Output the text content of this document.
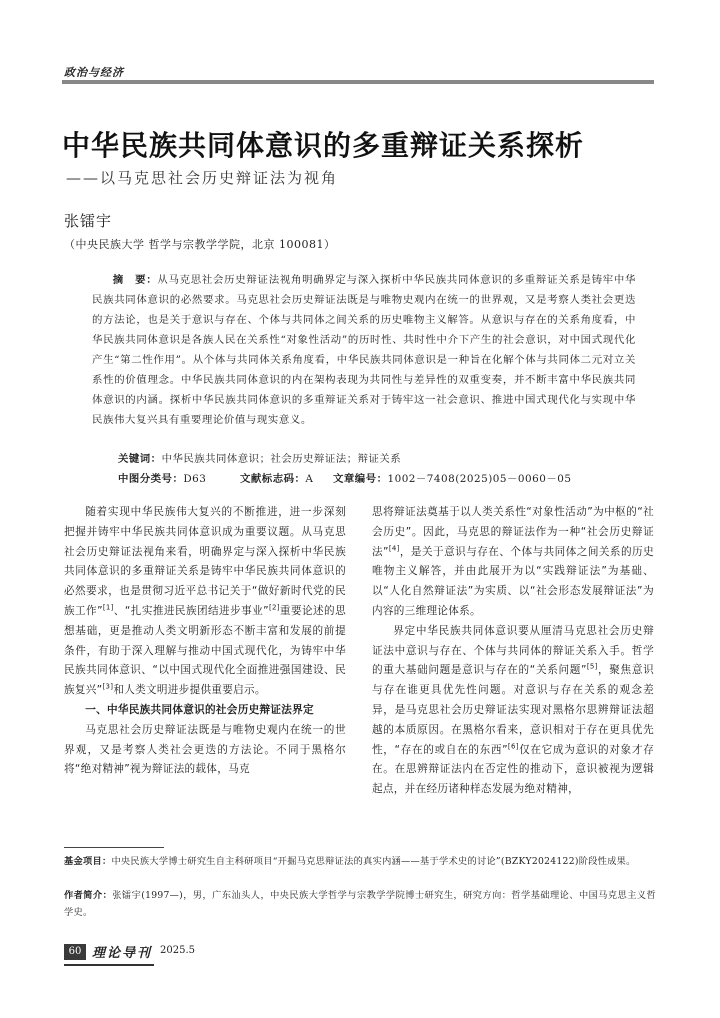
政治与经济
中华民族共同体意识的多重辩证关系探析
——以马克思社会历史辩证法为视角
张镭宇
（中央民族大学 哲学与宗教学学院，北京 100081）
摘　要：从马克思社会历史辩证法视角明确界定与深入探析中华民族共同体意识的多重辩证关系是铸牢中华民族共同体意识的必然要求。马克思社会历史辩证法既是与唯物史观内在统一的世界观，又是考察人类社会更迭的方法论，也是关于意识与存在、个体与共同体之间关系的历史唯物主义解答。从意识与存在的关系角度看，中华民族共同体意识是各族人民在关系性“对象性活动”的历时性、共时性中介下产生的社会意识，对中国式现代化产生“第二性作用”。从个体与共同体关系角度看，中华民族共同体意识是一种旨在化解个体与共同体二元对立关系性的价值理念。中华民族共同体意识的内在架构表现为共同性与差异性的双重变奏，并不断丰富中华民族共同体意识的内涵。探析中华民族共同体意识的多重辩证关系对于铸牢这一社会意识、推进中国式现代化与实现中华民族伟大复兴具有重要理论价值与现实意义。
关键词：中华民族共同体意识；社会历史辩证法；辩证关系
中图分类号：D63	文献标志码：A 文章编号：1002－7408(2025)05－0060－05

随着实现中华民族伟大复兴的不断推进，进一步深刻把握并铸牢中华民族共同体意识成为重要议题。从马克思社会历史辩证法视角来看，明确界定与深入探析中华民族共同体意识的多重辩证关系是铸牢中华民族共同体意识的必然要求，也是贯彻习近平总书记关于“做好新时代党的民族工作”[1]、“扎实推进民族团结进步事业”[2]重要论述的思想基础，更是推动人类文明新形态不断丰富和发展的前提条件，有助于深入理解与推动中国式现代化，为铸牢中华民族共同体意识、“以中国式现代化全面推进强国建设、民族复兴”[3]和人类文明进步提供重要启示。

一、中华民族共同体意识的社会历史辩证法界定

马克思社会历史辩证法既是与唯物史观内在统一的世界观，又是考察人类社会更迭的方法论。不同于黑格尔将“绝对精神”视为辩证法的载体，马克

思将辩证法奠基于以人类关系性“对象性活动”为中枢的“社会历史”。因此，马克思的辩证法作为一种“社会历史辩证法”[4]，是关于意识与存在、个体与共同体之间关系的历史唯物主义解答，并由此展开为以“实践辩证法”为基础、以“人化自然辩证法”为实质、以“社会形态发展辩证法”为内容的三维理论体系。

界定中华民族共同体意识要从厘清马克思社会历史辩证法中意识与存在、个体与共同体的辩证关系入手。哲学的重大基础问题是意识与存在的“关系问题”[5]，聚焦意识与存在谁更具优先性问题。对意识与存在关系的观念差异，是马克思社会历史辩证法实现对黑格尔思辨辩证法超越的本质原因。在黑格尔看来，意识相对于存在更具优先性，“存在的或自在的东西”[6]仅在它成为意识的对象才存在。在思辨辩证法内在否定性的推动下，意识被视为逻辑起点，并在经历诸种样态发展为绝对精神，

基金项目：中央民族大学博士研究生自主科研项目“开掘马克思辩证法的真实内涵——基于学术史的讨论”(BZKY2024122)阶段性成果。
作者简介：张镭宇(1997—)，男，广东汕头人，中央民族大学哲学与宗教学学院博士研究生，研究方向：哲学基础理论、中国马克思主义哲学史。
60 理论导刊 2025.5
